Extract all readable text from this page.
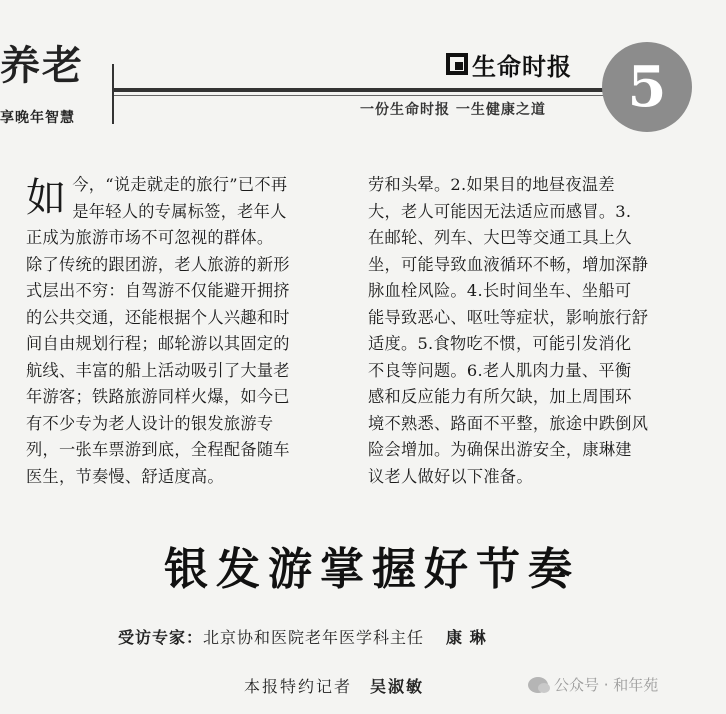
养老
享晚年智慧
生命时报
一份生命时报 一生健康之道	5
如 今，“说走就走的旅行”已不再
是年轻人的专属标签，老年人
正成为旅游市场不可忽视的群体。
除了传统的跟团游，老人旅游的新形
式层出不穷：自驾游不仅能避开拥挤
的公共交通，还能根据个人兴趣和时
间自由规划行程；邮轮游以其固定的
航线、丰富的船上活动吸引了大量老
年游客；铁路旅游同样火爆，如今已
有不少专为老人设计的银发旅游专
列，一张车票游到底，全程配备随车
医生，节奏慢、舒适度高。
劳和头晕。2.如果目的地昼夜温差
大，老人可能因无法适应而感冒。3.
在邮轮、列车、大巴等交通工具上久
坐，可能导致血液循环不畅，增加深静
脉血栓风险。4.长时间坐车、坐船可
能导致恶心、呕吐等症状，影响旅行舒
适度。5.食物吃不惯，可能引发消化
不良等问题。6.老人肌肉力量、平衡
感和反应能力有所欠缺，加上周围环
境不熟悉、路面不平整，旅途中跌倒风
险会增加。为确保出游安全，康琳建
议老人做好以下准备。
银发游掌握好节奏
受访专家：北京协和医院老年医学科主任 康 琳
本报特约记者 吴淑敏	公众号 · 和年苑
